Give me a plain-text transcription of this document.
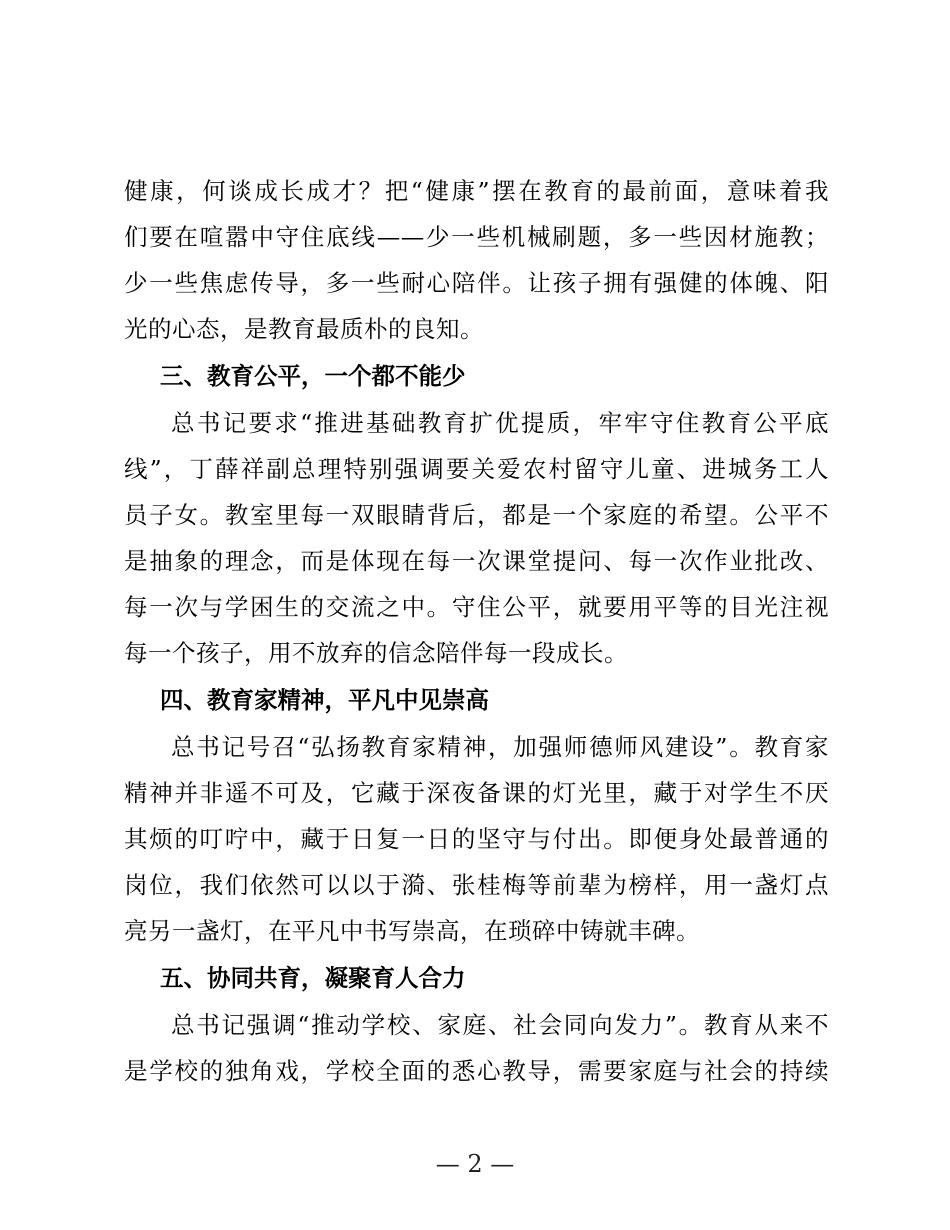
健康，何谈成长成才？把“健康”摆在教育的最前面，意味着我
们要在喧嚣中守住底线——少一些机械刷题，多一些因材施教；
少一些焦虑传导，多一些耐心陪伴。让孩子拥有强健的体魄、阳
光的心态，是教育最质朴的良知。
三、教育公平，一个都不能少
总书记要求“推进基础教育扩优提质，牢牢守住教育公平底
线”，丁薛祥副总理特别强调要关爱农村留守儿童、进城务工人
员子女。教室里每一双眼睛背后，都是一个家庭的希望。公平不
是抽象的理念，而是体现在每一次课堂提问、每一次作业批改、
每一次与学困生的交流之中。守住公平，就要用平等的目光注视
每一个孩子，用不放弃的信念陪伴每一段成长。
四、教育家精神，平凡中见崇高
总书记号召“弘扬教育家精神，加强师德师风建设”。教育家
精神并非遥不可及，它藏于深夜备课的灯光里，藏于对学生不厌
其烦的叮咛中，藏于日复一日的坚守与付出。即便身处最普通的
岗位，我们依然可以以于漪、张桂梅等前辈为榜样，用一盏灯点
亮另一盏灯，在平凡中书写崇高，在琐碎中铸就丰碑。
五、协同共育，凝聚育人合力
总书记强调“推动学校、家庭、社会同向发力”。教育从来不
是学校的独角戏，学校全面的悉心教导，需要家庭与社会的持续
— 2 —
